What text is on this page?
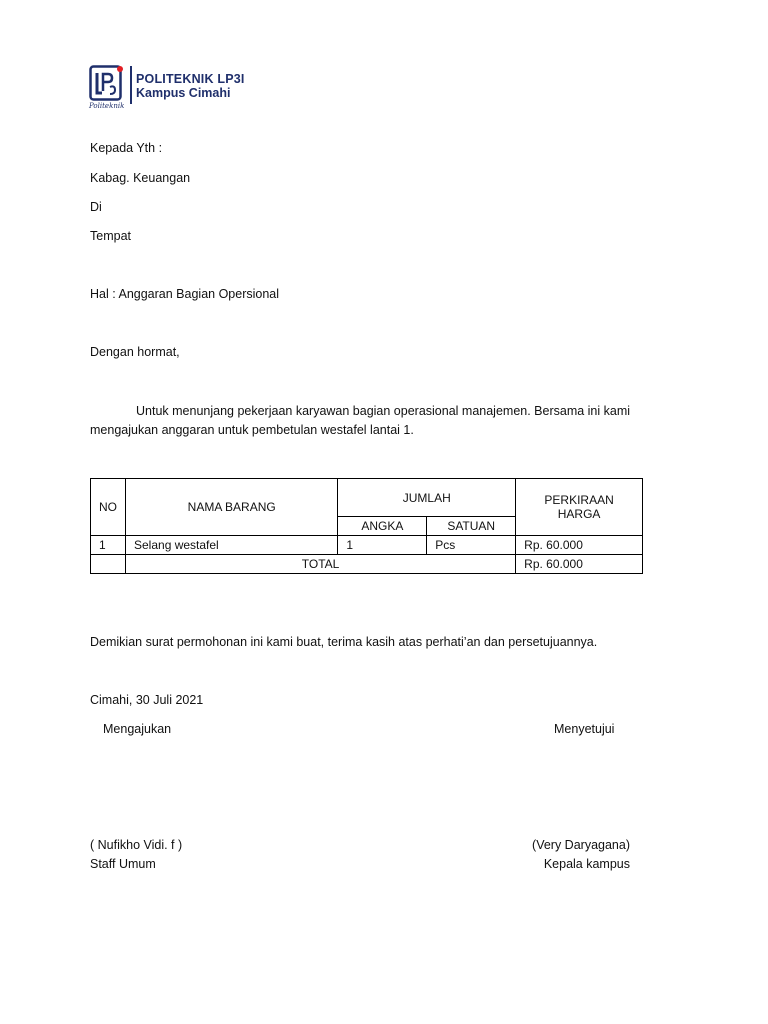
Politeknik
POLITEKNIK LP3I
Kampus Cimahi
Kepada Yth :
Kabag. Keuangan
Di
Tempat
Hal : Anggaran Bagian Opersional
Dengan hormat,

Untuk menunjang pekerjaan karyawan bagian operasional manajemen. Bersama ini kami

mengajukan anggaran untuk pembetulan westafel lantai 1.

NO	NAMA BARANG	JUMLAH		PERKIRAAN HARGA
		ANGKA	SATUAN	
1	Selang westafel	1	Pcs	Rp. 60.000
	TOTAL			Rp. 60.000
Demikian surat permohonan ini kami buat, terima kasih atas perhati’an dan persetujuannya.
Cimahi, 30 Juli 2021
Mengajukan	Menyetujui
( Nufikho Vidi. f )
Staff Umum
(Very Daryagana)
Kepala kampus
